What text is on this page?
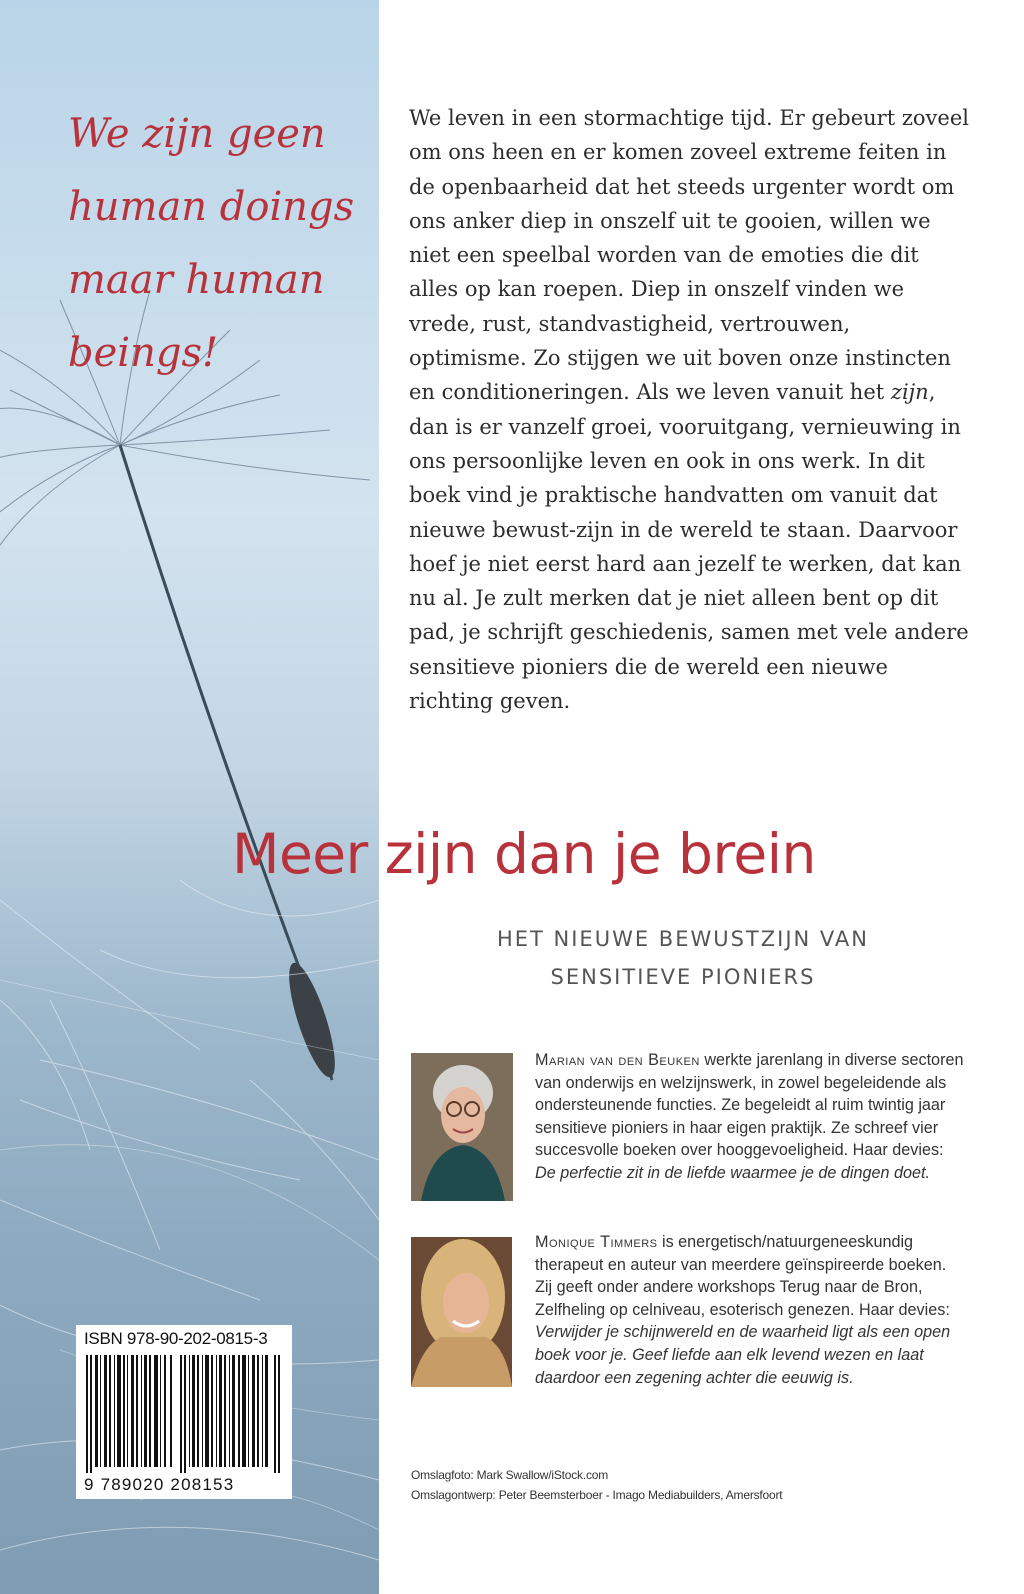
We zijn geen human doings maar human beings!

We leven in een stormachtige tijd. Er gebeurt zoveel om ons heen en er komen zoveel extreme feiten in de openbaarheid dat het steeds urgenter wordt om ons anker diep in onszelf uit te gooien, willen we niet een speelbal worden van de emoties die dit alles op kan roepen. Diep in onszelf vinden we vrede, rust, standvastigheid, vertrouwen, optimisme. Zo stijgen we uit boven onze instincten en conditioneringen. Als we leven vanuit het zijn, dan is er vanzelf groei, vooruitgang, vernieuwing in ons persoonlijke leven en ook in ons werk. In dit boek vind je praktische handvatten om vanuit dat nieuwe bewust-zijn in de wereld te staan. Daarvoor hoef je niet eerst hard aan jezelf te werken, dat kan nu al. Je zult merken dat je niet alleen bent op dit pad, je schrijft geschiedenis, samen met vele andere sensitieve pioniers die de wereld een nieuwe richting geven.

Meer zijn dan je brein
HET NIEUWE BEWUSTZIJN VAN
SENSITIEVE PIONIERS

Marian van den Beuken werkte jarenlang in diverse sectoren van onderwijs en welzijnswerk, in zowel begeleidende als ondersteunende functies. Ze begeleidt al ruim twintig jaar sensitieve pioniers in haar eigen praktijk. Ze schreef vier succesvolle boeken over hooggevoeligheid. Haar devies: De perfectie zit in de liefde waarmee je de dingen doet.

Monique Timmers is energetisch/natuurgeneeskundig therapeut en auteur van meerdere geïnspireerde boeken. Zij geeft onder andere workshops Terug naar de Bron, Zelfheling op celniveau, esoterisch genezen. Haar devies: Verwijder je schijnwereld en de waarheid ligt als een open boek voor je. Geef liefde aan elk levend wezen en laat daardoor een zegening achter die eeuwig is.

ISBN 978-90-202-0815-3

9 789020 208153	Omslagfoto: Mark Swallow/iStock.com

Omslagontwerp: Peter Beemsterboer - Imago Mediabuilders, Amersfoort
